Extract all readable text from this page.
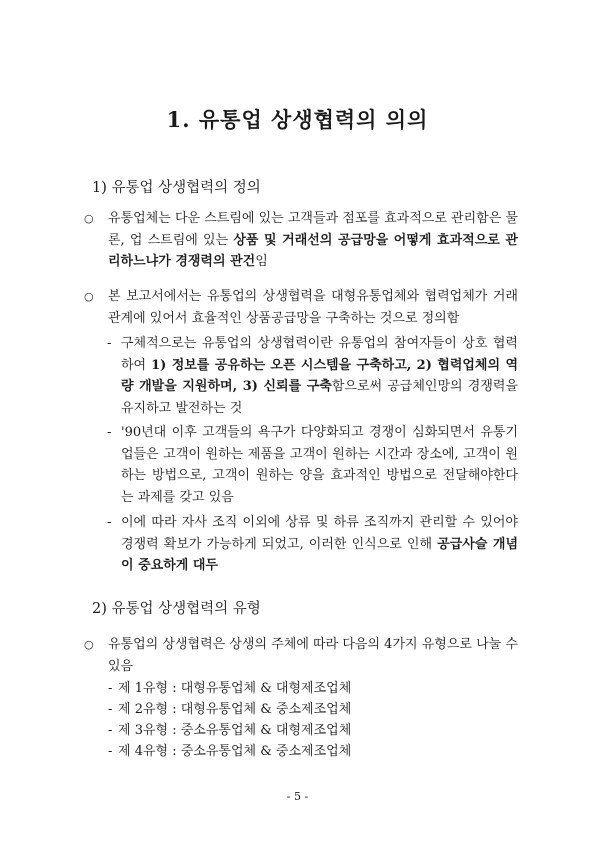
1. 유통업 상생협력의 의의
1) 유통업 상생협력의 정의

○ 유통업체는 다운 스트림에 있는 고객들과 점포를 효과적으로 관리함은 물론, 업 스트림에 있는 상품 및 거래선의 공급망을 어떻게 효과적으로 관리하느냐가 경쟁력의 관건임

○ 본 보고서에서는 유통업의 상생협력을 대형유통업체와 협력업체가 거래관계에 있어서 효율적인 상품공급망을 구축하는 것으로 정의함

- 구체적으로는 유통업의 상생협력이란 유통업의 참여자들이 상호 협력하여 1) 정보를 공유하는 오픈 시스템을 구축하고, 2) 협력업체의 역량 개발을 지원하며, 3) 신뢰를 구축함으로써 공급체인망의 경쟁력을 유지하고 발전하는 것

- '90년대 이후 고객들의 욕구가 다양화되고 경쟁이 심화되면서 유통기업들은 고객이 원하는 제품을 고객이 원하는 시간과 장소에, 고객이 원하는 방법으로, 고객이 원하는 양을 효과적인 방법으로 전달해야한다는 과제를 갖고 있음

- 이에 따라 자사 조직 이외에 상류 및 하류 조직까지 관리할 수 있어야 경쟁력 확보가 가능하게 되었고, 이러한 인식으로 인해 공급사슬 개념이 중요하게 대두

2) 유통업 상생협력의 유형

○ 유통업의 상생협력은 상생의 주체에 따라 다음의 4가지 유형으로 나눌 수 있음

- 제 1유형 : 대형유통업체 & 대형제조업체
- 제 2유형 : 대형유통업체 & 중소제조업체
- 제 3유형 : 중소유통업체 & 대형제조업체
- 제 4유형 : 중소유통업체 & 중소제조업체
- 5 -
